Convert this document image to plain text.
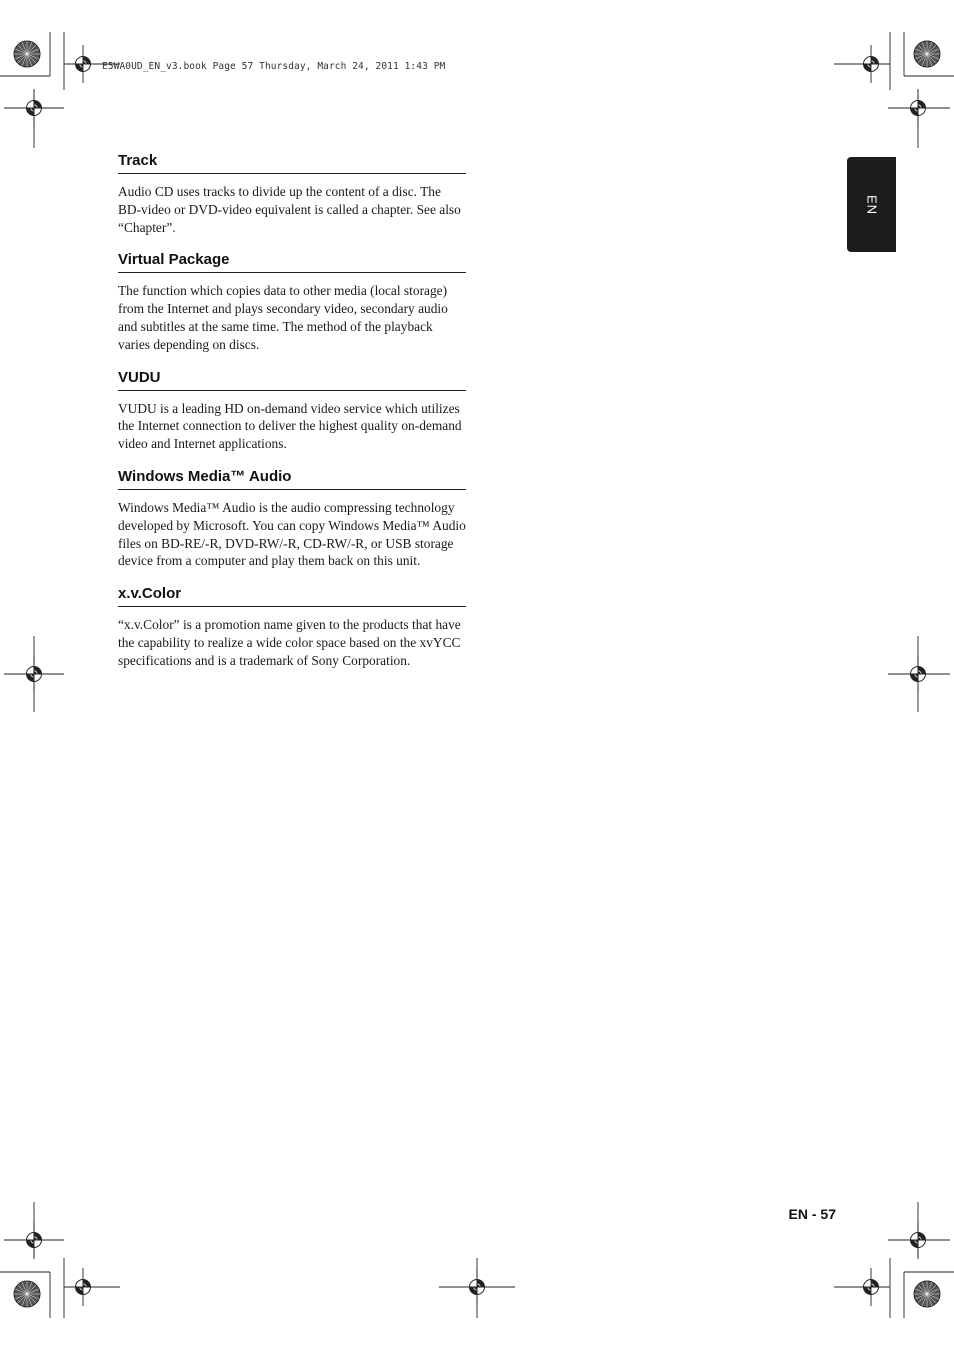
E5WA0UD_EN_v3.book Page 57 Thursday, March 24, 2011 1:43 PM
EN
Track

Audio CD uses tracks to divide up the content of a disc. The BD-video or DVD-video equivalent is called a chapter. See also “Chapter”.

Virtual Package

The function which copies data to other media (local storage) from the Internet and plays secondary video, secondary audio and subtitles at the same time. The method of the playback varies depending on discs.

VUDU

VUDU is a leading HD on-demand video service which utilizes the Internet connection to deliver the highest quality on-demand video and Internet applications.

Windows Media™ Audio

Windows Media™ Audio is the audio compressing technology developed by Microsoft. You can copy Windows Media™ Audio files on BD-RE/-R, DVD-RW/-R, CD-RW/-R, or USB storage device from a computer and play them back on this unit.

x.v.Color

“x.v.Color” is a promotion name given to the products that have the capability to realize a wide color space based on the xvYCC specifications and is a trademark of Sony Corporation.

EN - 57
